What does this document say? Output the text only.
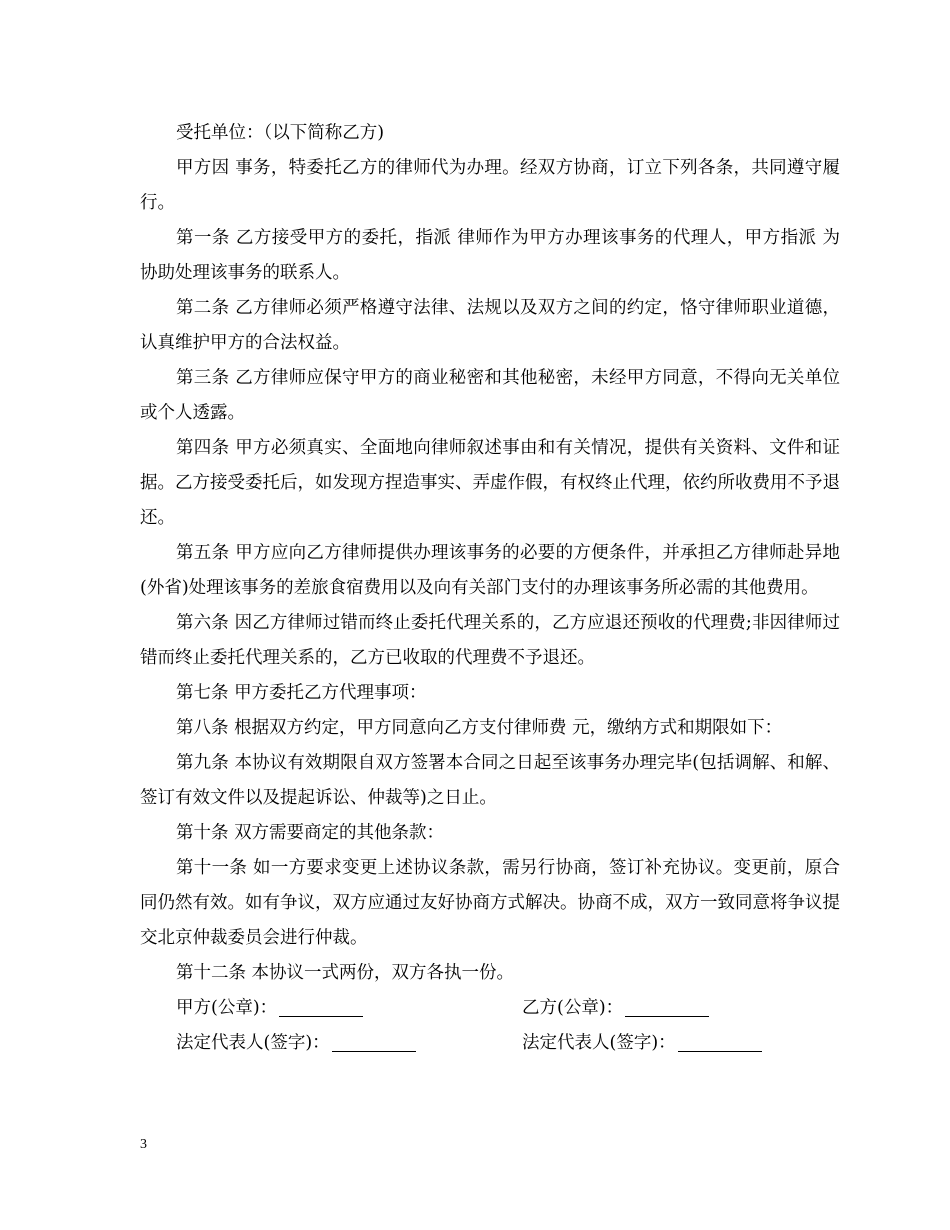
受托单位：（以下简称乙方)

甲方因 事务，特委托乙方的律师代为办理。经双方协商，订立下列各条，共同遵守履行。

第一条 乙方接受甲方的委托，指派 律师作为甲方办理该事务的代理人，甲方指派 为协助处理该事务的联系人。

第二条 乙方律师必须严格遵守法律、法规以及双方之间的约定，恪守律师职业道德，认真维护甲方的合法权益。

第三条 乙方律师应保守甲方的商业秘密和其他秘密，未经甲方同意，不得向无关单位或个人透露。

第四条 甲方必须真实、全面地向律师叙述事由和有关情况，提供有关资料、文件和证据。乙方接受委托后，如发现方捏造事实、弄虚作假，有权终止代理，依约所收费用不予退还。

第五条 甲方应向乙方律师提供办理该事务的必要的方便条件，并承担乙方律师赴异地(外省)处理该事务的差旅食宿费用以及向有关部门支付的办理该事务所必需的其他费用。

第六条 因乙方律师过错而终止委托代理关系的，乙方应退还预收的代理费;非因律师过错而终止委托代理关系的，乙方已收取的代理费不予退还。

第七条 甲方委托乙方代理事项：

第八条 根据双方约定，甲方同意向乙方支付律师费 元，缴纳方式和期限如下：

第九条 本协议有效期限自双方签署本合同之日起至该事务办理完毕(包括调解、和解、签订有效文件以及提起诉讼、仲裁等)之日止。

第十条 双方需要商定的其他条款：

第十一条 如一方要求变更上述协议条款，需另行协商，签订补充协议。变更前，原合同仍然有效。如有争议，双方应通过友好协商方式解决。协商不成，双方一致同意将争议提交北京仲裁委员会进行仲裁。

第十二条 本协议一式两份，双方各执一份。

甲方(公章)：	乙方(公章)：
法定代表人(签字)：	法定代表人(签字)：
3
